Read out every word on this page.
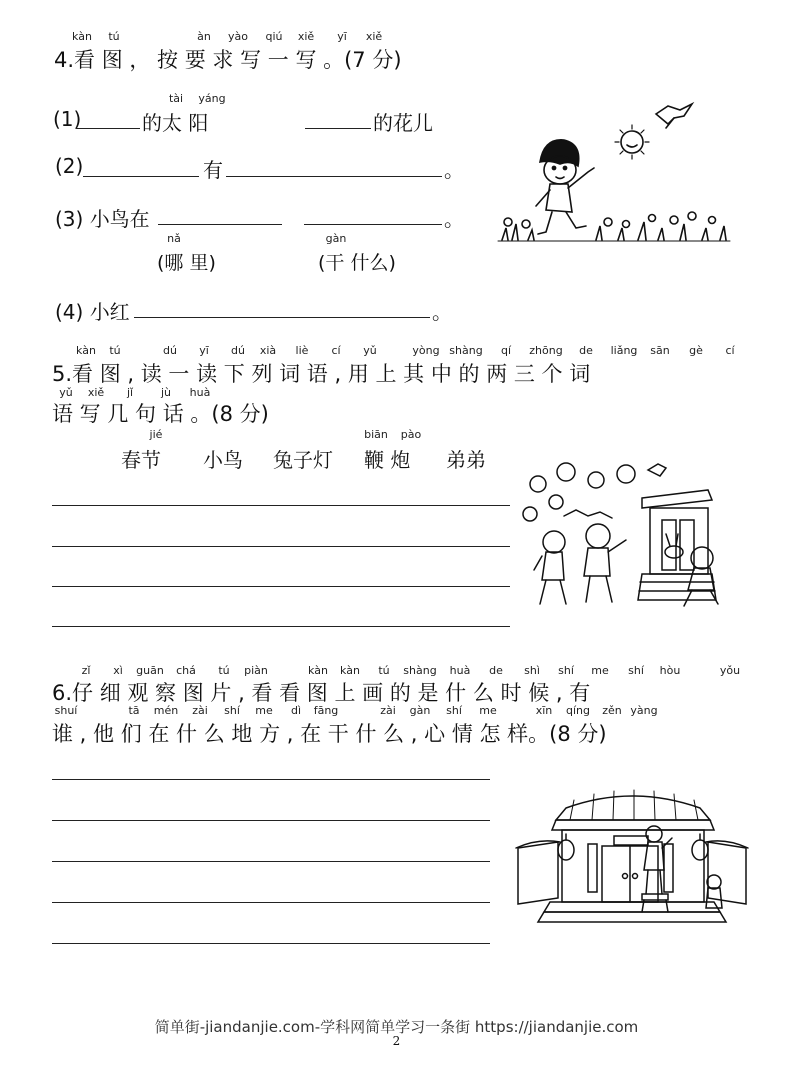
kàn tú	àn yào qiú xiě yī xiě
4.看 图 ， 按 要 求 写 一 写 。(7 分)
(1)
tài yáng
的太 阳	的花儿
(2)	有	。
(3) 小鸟在	。
nǎ
(哪 里)
gàn
(干 什么)
(4) 小红	。
kàn tú	dú yī dú xià liè cí yǔ	yòng shàng qí zhōng de liǎng sān gè cí
5.看 图 , 读 一 读 下 列 词 语 , 用 上 其 中 的 两 三 个 词
yǔ xiě jǐ	jù huà
语 写 几 句 话 。(8 分)
jié
春节 小鸟 兔子灯
biān pào
鞭 炮 弟弟
zǐ xì guān chá tú piàn	kàn kàn tú shàng huà de shì shí me shí hòu	yǒu
6.仔 细 观 察 图 片 , 看 看 图 上 画 的 是 什 么 时 候 , 有
shuí	tā mén zài shí me dì fāng	zài gàn shí me	xīn qíng zěn yàng
谁 , 他 们 在 什 么 地 方 , 在 干 什 么 , 心 情 怎 样。(8 分)
简单街-jiandanjie.com-学科网简单学习一条街 https://jiandanjie.com
2
